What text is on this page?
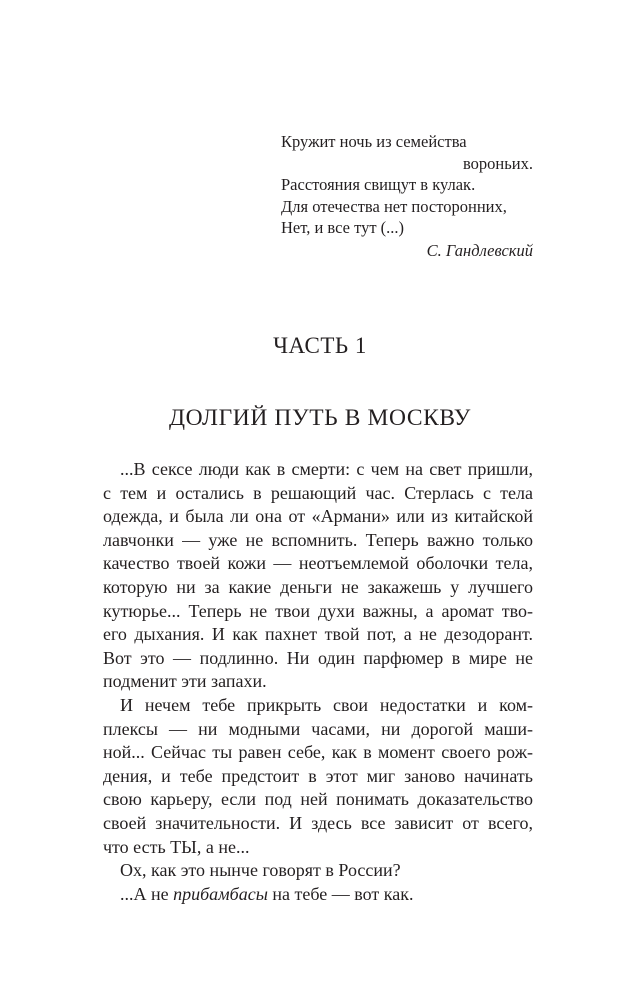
Кружит ночь из семейства
вороньих.
Расстояния свищут в кулак.
Для отечества нет посторонних,
Нет, и все тут (...)
С. Гандлевский
ЧАСТЬ 1
ДОЛГИЙ ПУТЬ В МОСКВУ
...В сексе люди как в смерти: с чем на свет пришли,
с тем и остались в решающий час. Стерлась с тела
одежда, и была ли она от «Армани» или из китайской
лавчонки — уже не вспомнить. Теперь важно только
качество твоей кожи — неотъемлемой оболочки тела,
которую ни за какие деньги не закажешь у лучшего
кутюрье... Теперь не твои духи важны, а аромат тво-
его дыхания. И как пахнет твой пот, а не дезодорант.
Вот это — подлинно. Ни один парфюмер в мире не
подменит эти запахи.
И нечем тебе прикрыть свои недостатки и ком-
плексы — ни модными часами, ни дорогой маши-
ной... Сейчас ты равен себе, как в момент своего рож-
дения, и тебе предстоит в этот миг заново начинать
свою карьеру, если под ней понимать доказательство
своей значительности. И здесь все зависит от всего,
что есть ТЫ, а не...
Ох, как это нынче говорят в России?
...А не прибамбасы на тебе — вот как.
